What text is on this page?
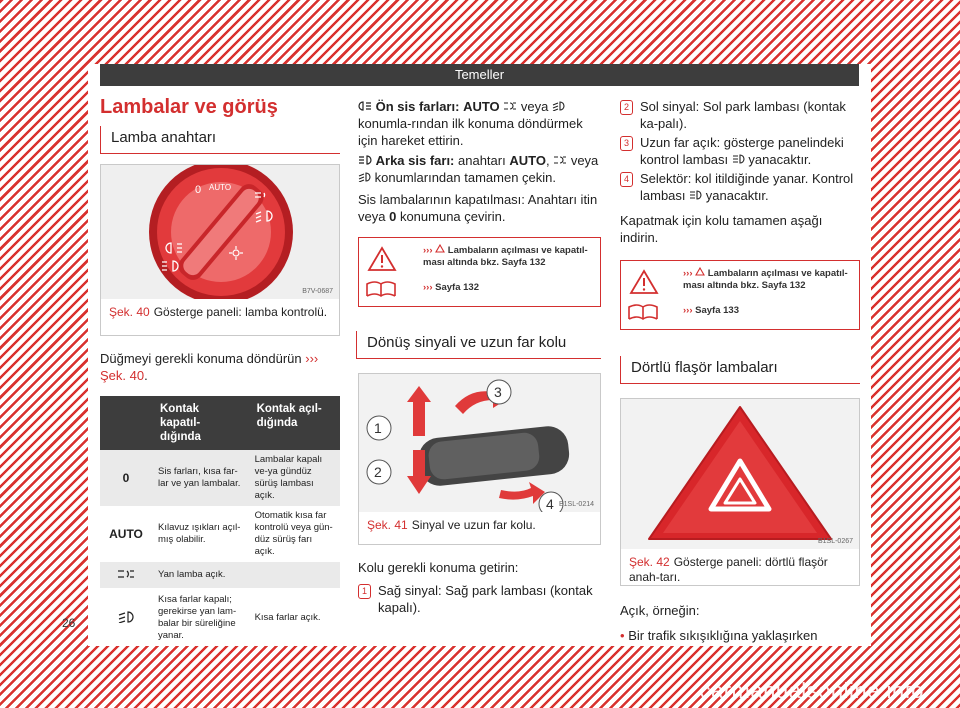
Temeller
Lambalar ve görüş
Lamba anahtarı
0 AUTO
B7V-0687
Şek. 40 Gösterge paneli: lamba kontrolü.

Düğmeyi gerekli konuma döndürün ››› Şek. 40.

	Kontak kapatıl-dığında	Kontak açıl-dığında
0	Sis farları, kısa far-lar ve yan lambalar.	Lambalar kapalı ve-ya gündüz sürüş lambası açık.
AUTO	Kılavuz ışıkları açıl-mış olabilir.	Otomatik kısa far kontrolü veya gün-düz sürüş farı açık.
	Yan lamba açık.	
	Kısa farlar kapalı; gerekirse yan lam-balar bir süreliğine yanar.	Kısa farlar açık.

Ön sis farları: AUTO veya  konumla-rından ilk konuma döndürmek için hareket ettirin.

Arka sis farı: anahtarı AUTO, veya  konumlarından tamamen çekin.

Sis lambalarının kapatılması: Anahtarı itin veya 0 konumuna çevirin.

››› Lambaların açılması ve kapatıl-ması altında bkz. Sayfa 132
››› Sayfa 132
Dönüş sinyali ve uzun far kolu
1
2
3
4 B1SL-0214
Şek. 41 Sinyal ve uzun far kolu.

Kolu gerekli konuma getirin:

1 Sağ sinyal: Sağ park lambası (kontak kapalı).
2 Sol sinyal: Sol park lambası (kontak ka-palı).
3 Uzun far açık: gösterge panelindeki kontrol lambası yanacaktır.
4 Selektör: kol itildiğinde yanar. Kontrol lambası yanacaktır.

Kapatmak için kolu tamamen aşağı indirin.

››› Lambaların açılması ve kapatıl-ması altında bkz. Sayfa 132
››› Sayfa 133
Dörtlü flaşör lambaları
B1SL-0267
Şek. 42 Gösterge paneli: dörtlü flaşör anah-tarı.

Açık, örneğin:

• Bir trafik sıkışıklığına yaklaşırken

26
carmanualsonline.info
